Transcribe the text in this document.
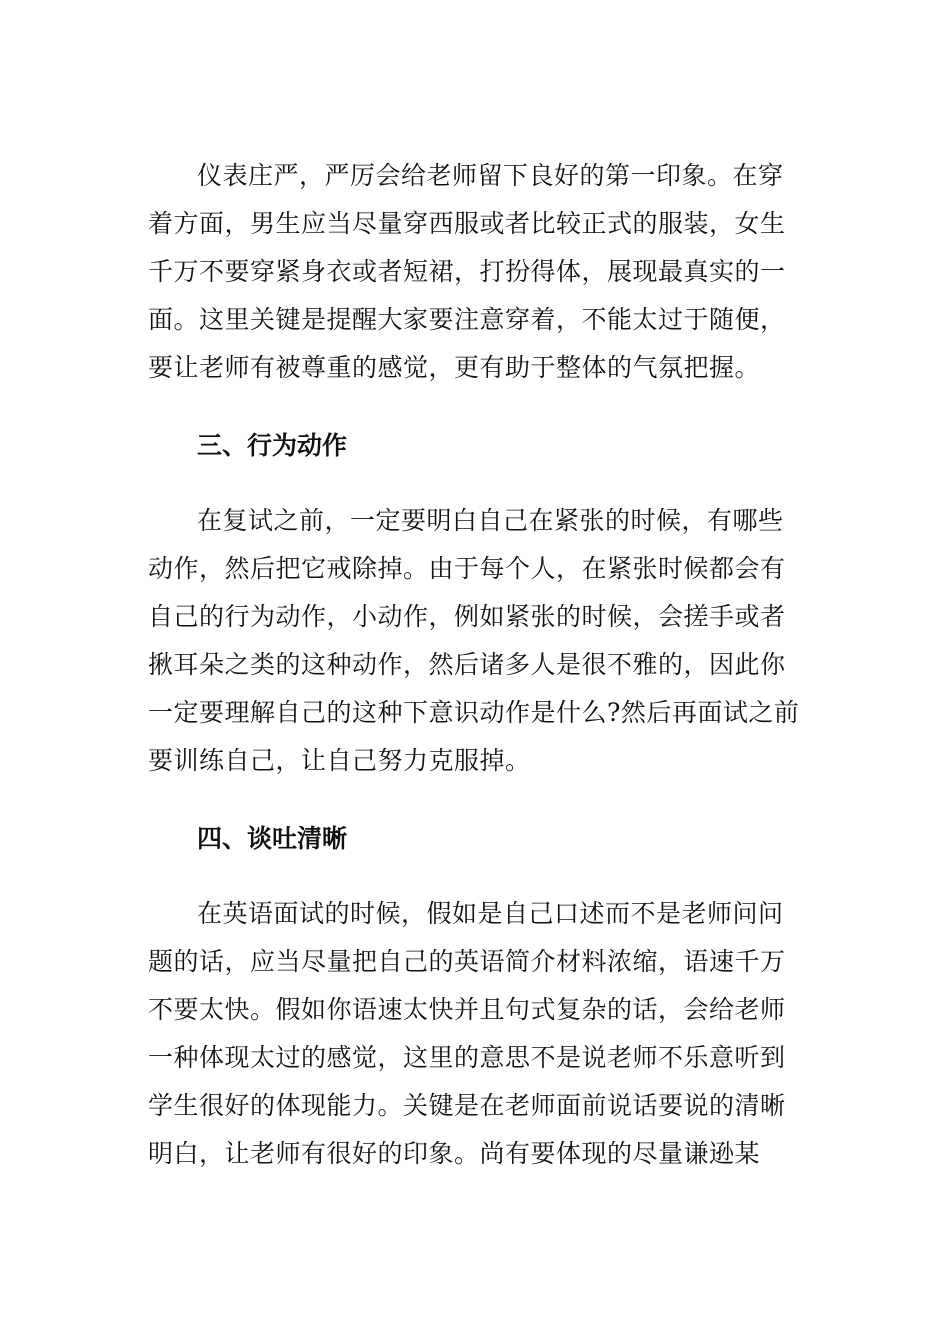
仪表庄严，严厉会给老师留下良好的第一印象。在穿
着方面，男生应当尽量穿西服或者比较正式的服装，女生
千万不要穿紧身衣或者短裙，打扮得体，展现最真实的一
面。这里关键是提醒大家要注意穿着，不能太过于随便，
要让老师有被尊重的感觉，更有助于整体的气氛把握。
三、行为动作
在复试之前，一定要明白自己在紧张的时候，有哪些
动作，然后把它戒除掉。由于每个人，在紧张时候都会有
自己的行为动作，小动作，例如紧张的时候，会搓手或者
揪耳朵之类的这种动作，然后诸多人是很不雅的，因此你
一定要理解自己的这种下意识动作是什么?然后再面试之前
要训练自己，让自己努力克服掉。
四、谈吐清晰
在英语面试的时候，假如是自己口述而不是老师问问
题的话，应当尽量把自己的英语简介材料浓缩，语速千万
不要太快。假如你语速太快并且句式复杂的话，会给老师
一种体现太过的感觉，这里的意思不是说老师不乐意听到
学生很好的体现能力。关键是在老师面前说话要说的清晰
明白，让老师有很好的印象。尚有要体现的尽量谦逊某
